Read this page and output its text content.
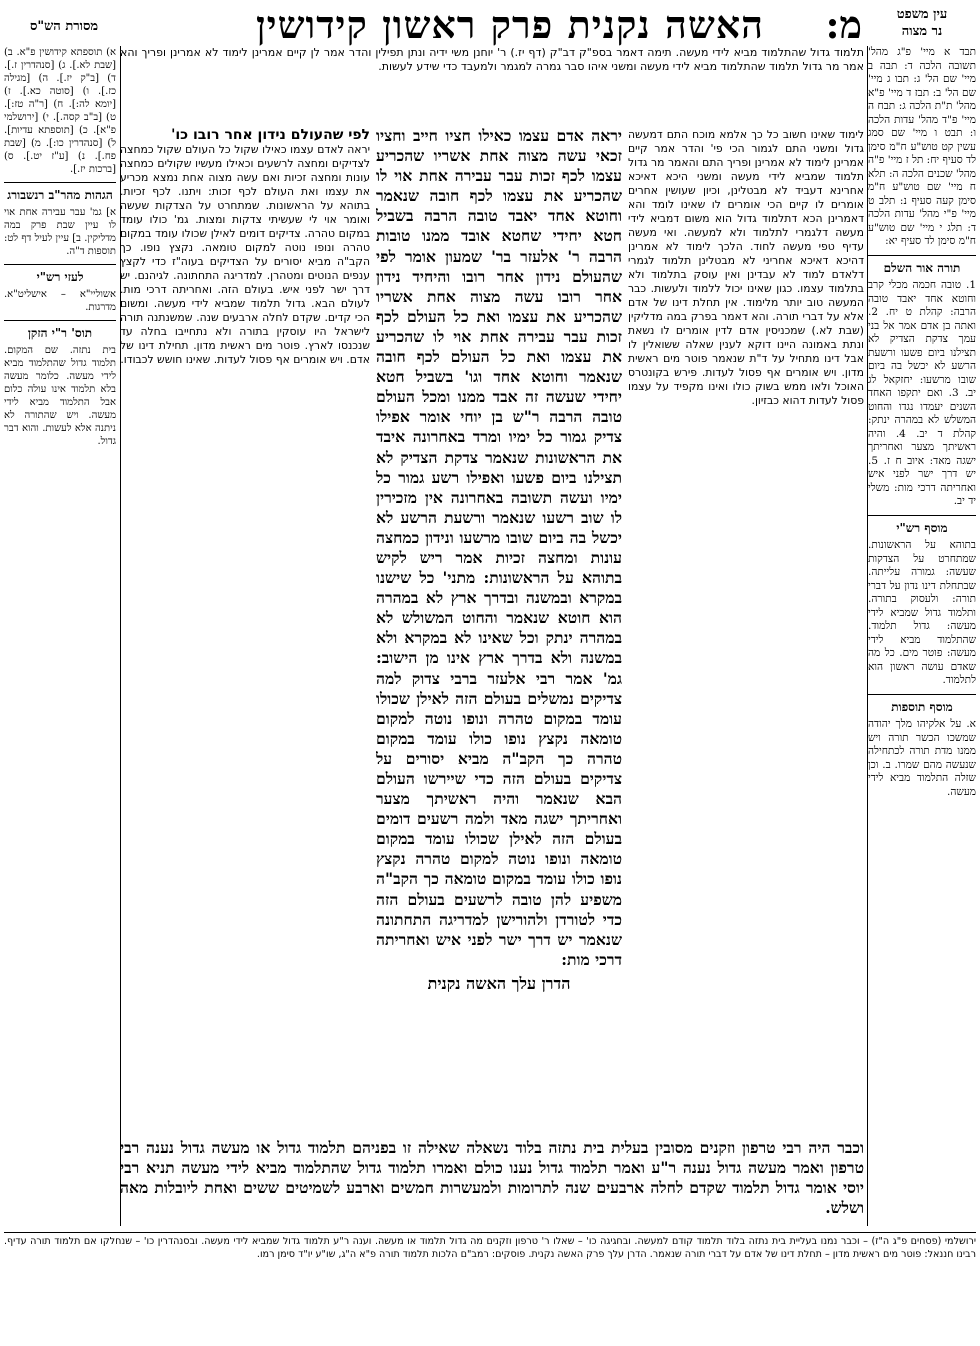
עין משפט
נר מצוה
מ:
האשה נקנית פרק ראשון קידושין
מסורת הש"ס

תבד א מיי' פ"ג מהל' תשובה הלכה ד: תבה ב מיי' שם הל' ג: תבו ג מיי' שם הל' ב: תבז ד מיי' פ"א מהל' ת"ת הלכה ג: תבח ה מיי' פ"ד מהל' עדות הלכה ו: תבט ו מיי' שם סמג עשין קט טוש"ע ח"מ סימן לד סעיף יח: תל ז מיי' פ"ה מהל' שכנים הלכה ה: תלא ח מיי' שם טוש"ע ח"מ סימן קעה סעיף נ: תלב ט מיי' פ"י מהל' עדות הלכה ד: תלג י מיי' שם טוש"ע ח"מ סימן לד סעיף יא:

תורה אור השלם

1. טובה חכמה מכלי קרב וחוטא אחד יאבד טובה הרבה: קהלת ט יח. 2. ואתה בן אדם אמר אל בני עמך צדקת הצדיק לא תצילנו ביום פשעו ורשעת הרשע לא יכשל בה ביום שובו מרשעו: יחזקאל לג יב. 3. ואם יתקפו האחד השנים יעמדו נגדו והחוט המשלש לא במהרה ינתק: קהלת ד יב. 4. והיה ראשיתך מצער ואחריתך ישגה מאד: איוב ח ז. 5. יש דרך ישר לפני איש ואחריתה דרכי מות: משלי יד יב.

מוסף רש"י

בתוהא על הראשונות. שמתחרט על הצדקות שעשה: גמורה עלייתה. שבתחלת דינו נדון על דברי תורה: ולעסוק בתורה. ותלמוד גדול שמביא לידי מעשה: גדול תלמוד. שהתלמוד מביא לידי מעשה: פוטר מים. כל מה שאדם עושה ראשון הוא לתלמוד.

מוסף תוספות

א. על אלקיהו מלך יהודה שמשכו הכשר תורה ויש ממנו מדת תורה לכתחילה שנעשה מהם שמרו. ב. וכן שזלה התלמוד מביא לידי מעשה.

תלמוד גדול שהתלמוד מביא לידי מעשה. תימה דאמר בספ"ק דב"ק (דף יז.) ר' יוחנן משי ידיה ונתן תפילין והדר אמר לן קיים אמרינן לימוד לא אמרינן ופריך והא אמר מר גדול תלמוד שהתלמוד מביא לידי מעשה ומשני איהו סבר גמרה למגמר ולמעבד כדי שידע לעשות.

לימוד שאינו חשוב כל כך אלמא מוכח התם דמעשה גדול ומשני התם לגמור הכי פי' והדר אמר קיים אמרינן לימוד לא אמרינן ופריך התם והאמר מר גדול תלמוד שמביא לידי מעשה ומשני היכא דאיכא אחרינא דעביד לא מבטלינן, וכיון שעושין אחרים אומרים לו קיים הכי אומרים לו שאינו לומד והא דאמרינן הכא דתלמוד גדול הוא משום דמביא לידי מעשה דלגמרי לתלמוד ולא למעשה. ואי מעשה עדיף טפי מעשה לחוד. הלכך לימוד לא אמרינן דהיכא דאיכא אחריני לא מבטלינן תלמוד לגמרי דלאדם למוד לא עבדינן ואין עוסק בתלמוד ולא בתלמוד עצמו. כגון שאינו יכול ללמוד ולעשות. כבר המעשה טוב יותר מלימוד. אין תחלת דינו של אדם אלא על דברי תורה. והא דאמר בפרק במה מדליקין (שבת לא.) שמכניסין אדם לדין אומרים לו נשאת ונתת באמונה היינו דוקא לענין שאלה ששואלין לו אבל דינו מתחיל על ד"ת שנאמר פוטר מים ראשית מדון. ויש אומרים אף פסול לעדות. פירש בקונטרס האוכל ולאו ממש בשוק כולו ואינו מקפיד על עצמו פסול לעדות דהוא כבזיון.

יראה אדם עצמו כאילו חציו חייב וחציו זכאי עשה מצוה אחת אשריו שהכריע עצמו לכף זכות עבר עבירה אחת אוי לו שהכריע את עצמו לכף חובה שנאמר וחוטא אחד יאבד טובה הרבה בשביל חטא יחידי שחטא אובד ממנו טובות הרבה ר' אלעזר בר' שמעון אומר לפי שהעולם נידון אחר רובו והיחיד נידון אחר רובו עשה מצוה אחת אשריו שהכריע את עצמו ואת כל העולם לכף זכות עבר עבירה אחת אוי לו שהכריע את עצמו ואת כל העולם לכף חובה שנאמר וחוטא אחד וגו' בשביל חטא יחידי שעשה זה אבד ממנו ומכל העולם טובה הרבה ר"ש בן יוחי אומר אפילו צדיק גמור כל ימיו ומרד באחרונה איבד את הראשונות שנאמר צדקת הצדיק לא תצילנו ביום פשעו ואפילו רשע גמור כל ימיו ועשה תשובה באחרונה אין מזכירין לו שוב רשעו שנאמר ורשעת הרשע לא יכשל בה ביום שובו מרשעו ונידון כמחצה עונות ומחצה זכיות אמר ריש לקיש בתוהא על הראשונות: מתני' כל שישנו במקרא ובמשנה ובדרך ארץ לא במהרה הוא חוטא שנאמר והחוט המשולש לא במהרה ינתק וכל שאינו לא במקרא ולא במשנה ולא בדרך ארץ אינו מן הישוב: גמ' אמר רבי אלעזר ברבי צדוק למה צדיקים נמשלים בעולם הזה לאילן שכולו עומד במקום טהרה ונופו נוטה למקום טומאה נקצץ נופו כולו עומד במקום טהרה כך הקב"ה מביא יסורים על צדיקים בעולם הזה כדי שיירשו העולם הבא שנאמר והיה ראשיתך מצער ואחריתך ישגה מאד ולמה רשעים דומים בעולם הזה לאילן שכולו עומד במקום טומאה ונופו נוטה למקום טהרה נקצץ נופו כולו עומד במקום טומאה כך הקב"ה משפיע להן טובה לרשעים בעולם הזה כדי לטורדן ולהורישן למדריגה התחתונה שנאמר יש דרך ישר לפני איש ואחריתה דרכי מות:

הדרן עלך האשה נקנית

לפי שהעולם נידון אחר רובו כו'

יראה לאדם עצמו כאילו שקול כל העולם שקול כמחצה לצדיקים ומחצה לרשעים וכאילו מעשיו שקולים כמחצה עונות ומחצה זכיות ואם עשה מצוה אחת נמצא מכריע את עצמו ואת העולם לכף זכות: ויתנו. לכף זכיות. בתוהא על הראשונות. שמתחרט על הצדקות שעשה ואומר אוי לי שעשיתי צדקות ומצות. גמ' כולו עומד במקום טהרה. צדיקים דומים לאילן שכולו עומד במקום טהרה ונופו נוטה למקום טומאה. נקצץ נופו. כך הקב"ה מביא יסורים על הצדיקים בעוה"ז כדי לקצץ ענפים הנוטים ומטהרן. למדריגה התחתונה. לגיהנם. יש דרך ישר לפני איש. בעולם הזה. ואחריתה דרכי מות. לעולם הבא. גדול תלמוד שמביא לידי מעשה. ומשום הכי קדים. שקדם לחלה ארבעים שנה. שמשנתנה תורה לישראל היו עוסקין בתורה ולא נתחייבו בחלה עד שנכנסו לארץ. פוטר מים ראשית מדון. תחילת דינו של אדם. ויש אומרים אף פסול לעדות. שאינו חושש לכבודו.

א) תוספתא קידושין פ"א. ב) [שבת לא.]. ג) [סנהדרין ז.]. ד) [ב"ק יז.]. ה) [מגילה כז.]. ו) [סוטה כא.]. ז) [יומא לה:]. ח) [ר"ה טז:]. ט) [ב"ב קסה.]. י) [ירושלמי פ"א]. כ) [תוספתא עדיות]. ל) [סנהדרין כו:]. מ) [שבת פח.]. נ) [ע"ז יט.]. ס) [ברכות יז.].

הגהות מהר"ב רנשבורג

א] גמ' עבר עבירה אחת אוי לו עיין שבת פרק במה מדליקין. ב] עיין לעיל דף לט: תוספות ד"ה.

לעזי רש"י

אשוליי"א – אישליט"א. מדרגות.

תוס' ר"י הזקן

בית נתזה. שם המקום. תלמוד גדול שהתלמוד מביא לידי מעשה. כלומר מעשה בלא תלמוד אינו עולה כלום אבל התלמוד מביא לידי מעשה. ויש שהתורה לא ניתנה אלא לעשות. והוא דבר גדול.

וכבר היה רבי טרפון וזקנים מסובין בעלית בית נתזה בלוד נשאלה שאילה זו בפניהם תלמוד גדול או מעשה גדול נענה רבי טרפון ואמר מעשה גדול נענה ר"ע ואמר תלמוד גדול נענו כולם ואמרו תלמוד גדול שהתלמוד מביא לידי מעשה תניא רבי יוסי אומר גדול תלמוד שקדם לחלה ארבעים שנה לתרומות ולמעשרות חמשים וארבע לשמיטים ששים ואחת ליובלות מאה ושלש.

ירושלמי (פסחים פ"ג ה"ז) – וכבר נמנו בעליית בית נתזה בלוד תלמוד קודם למעשה. ובחגיגה כו' – שאלו ר' טרפון וזקנים מה גדול תלמוד או מעשה. וענה ר"ע תלמוד גדול שמביא לידי מעשה. ובסנהדרין כו' – שנחלקו אם תלמוד תורה עדיף. רבינו חננאל: פוטר מים ראשית מדון – תחלת דינו של אדם על דברי תורה שנאמר. הדרן עלך פרק האשה נקנית. פוסקים: רמב"ם הלכות תלמוד תורה פ"א ה"ג, שו"ע יו"ד סימן רמו.
